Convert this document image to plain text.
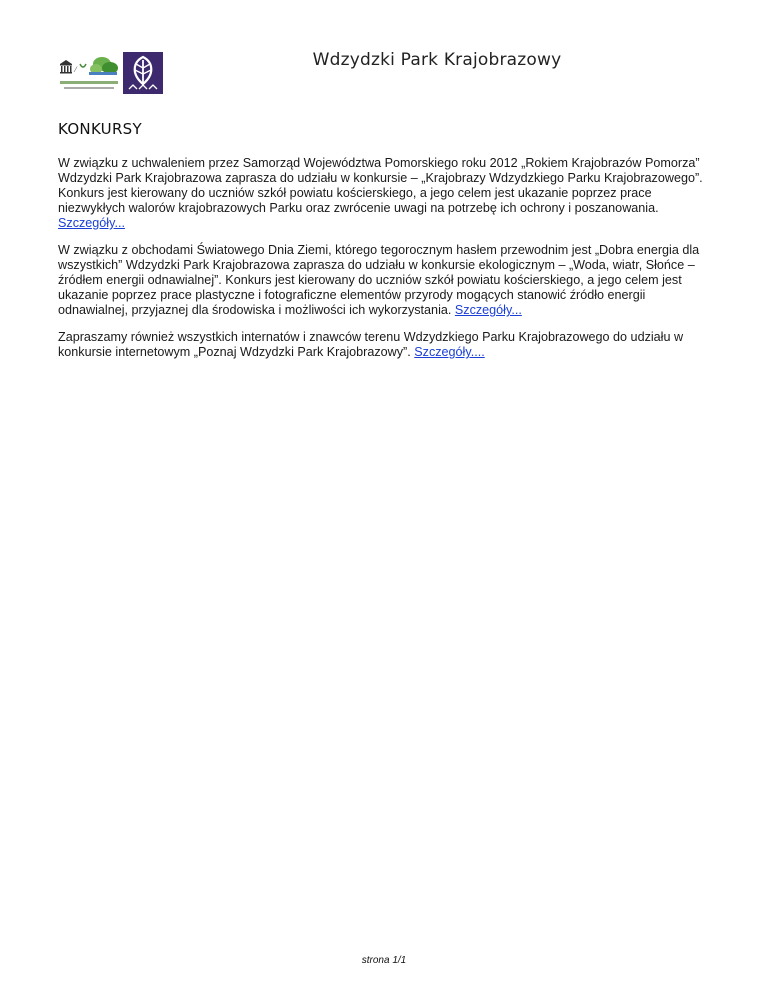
⁄	Wdzydzki Park Krajobrazowy
KONKURSY

W związku z uchwaleniem przez Samorząd Województwa Pomorskiego roku 2012 „Rokiem Krajobrazów Pomorza” Wdzydzki Park Krajobrazowa zaprasza do udziału w konkursie – „Krajobrazy Wdzydzkiego Parku Krajobrazowego”. Konkurs jest kierowany do uczniów szkół powiatu kościerskiego, a jego celem jest ukazanie poprzez prace niezwykłych walorów krajobrazowych Parku oraz zwrócenie uwagi na potrzebę ich ochrony i poszanowania. Szczegóły...

W związku z obchodami Światowego Dnia Ziemi, którego tegorocznym hasłem przewodnim jest „Dobra energia dla wszystkich” Wdzydzki Park Krajobrazowa zaprasza do udziału w konkursie ekologicznym – „Woda, wiatr, Słońce – źródłem energii odnawialnej”. Konkurs jest kierowany do uczniów szkół powiatu kościerskiego, a jego celem jest ukazanie poprzez prace plastyczne i fotograficzne elementów przyrody mogących stanowić źródło energii odnawialnej, przyjaznej dla środowiska i możliwości ich wykorzystania. Szczegóły...

Zapraszamy również wszystkich internatów i znawców terenu Wdzydzkiego Parku Krajobrazowego do udziału w konkursie internetowym „Poznaj Wdzydzki Park Krajobrazowy”. Szczegóły....

strona 1/1
